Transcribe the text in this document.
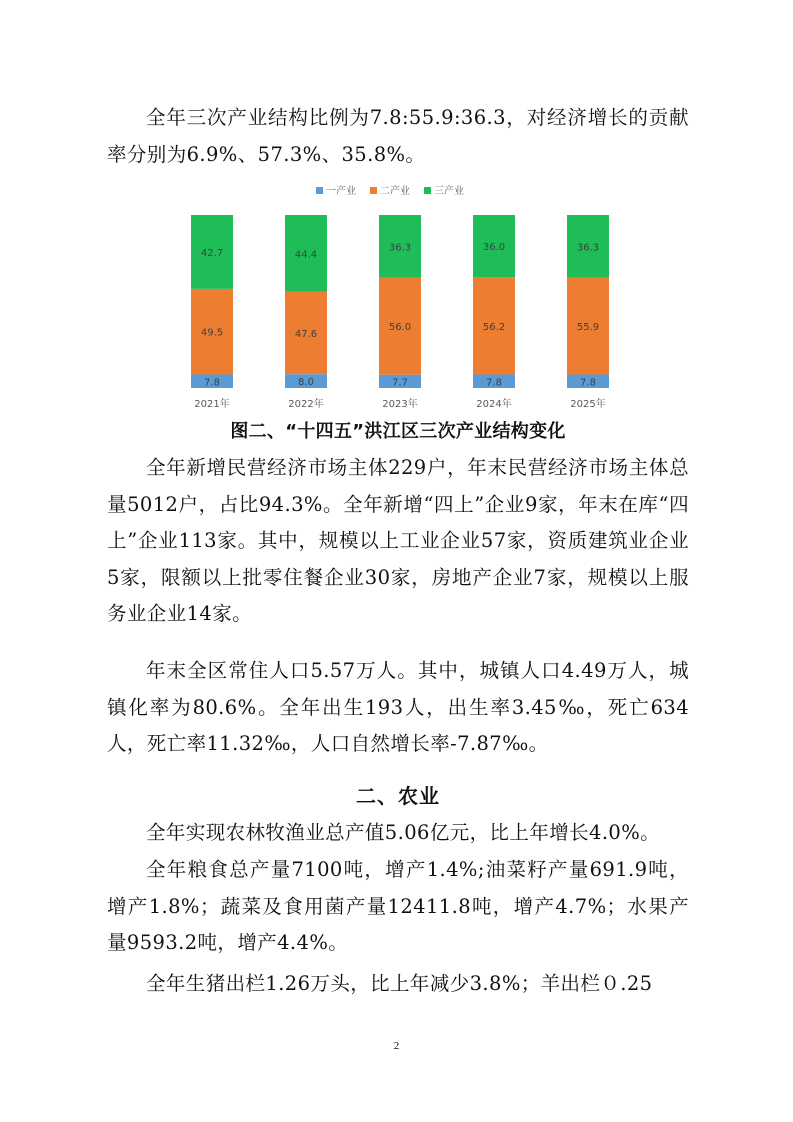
全年三次产业结构比例为7.8:55.9:36.3，对经济增长的贡献率分别为6.9%、57.3%、35.8%。

一产业 二产业 三产业
7.8
49.5
42.7
2021年
8.0
47.6
44.4
2022年
7.7
56.0
36.3
2023年
7.8
56.2
36.0
2024年
7.8
55.9
36.3
2025年

图二、“十四五”洪江区三次产业结构变化

全年新增民营经济市场主体229户，年末民营经济市场主体总量5012户，占比94.3%。全年新增“四上”企业9家，年末在库“四上”企业113家。其中，规模以上工业企业57家，资质建筑业企业5家，限额以上批零住餐企业30家，房地产企业7家，规模以上服务业企业14家。

年末全区常住人口5.57万人。其中，城镇人口4.49万人，城镇化率为80.6%。全年出生193人，出生率3.45‰，死亡634人，死亡率11.32‰，人口自然增长率-7.87‰。

二、农业

全年实现农林牧渔业总产值5.06亿元，比上年增长4.0%。

全年粮食总产量7100吨，增产1.4%;油菜籽产量691.9吨，增产1.8%；蔬菜及食用菌产量12411.8吨，增产4.7%；水果产量9593.2吨，增产4.4%。

全年生猪出栏1.26万头，比上年减少3.8%；羊出栏０.25

2
